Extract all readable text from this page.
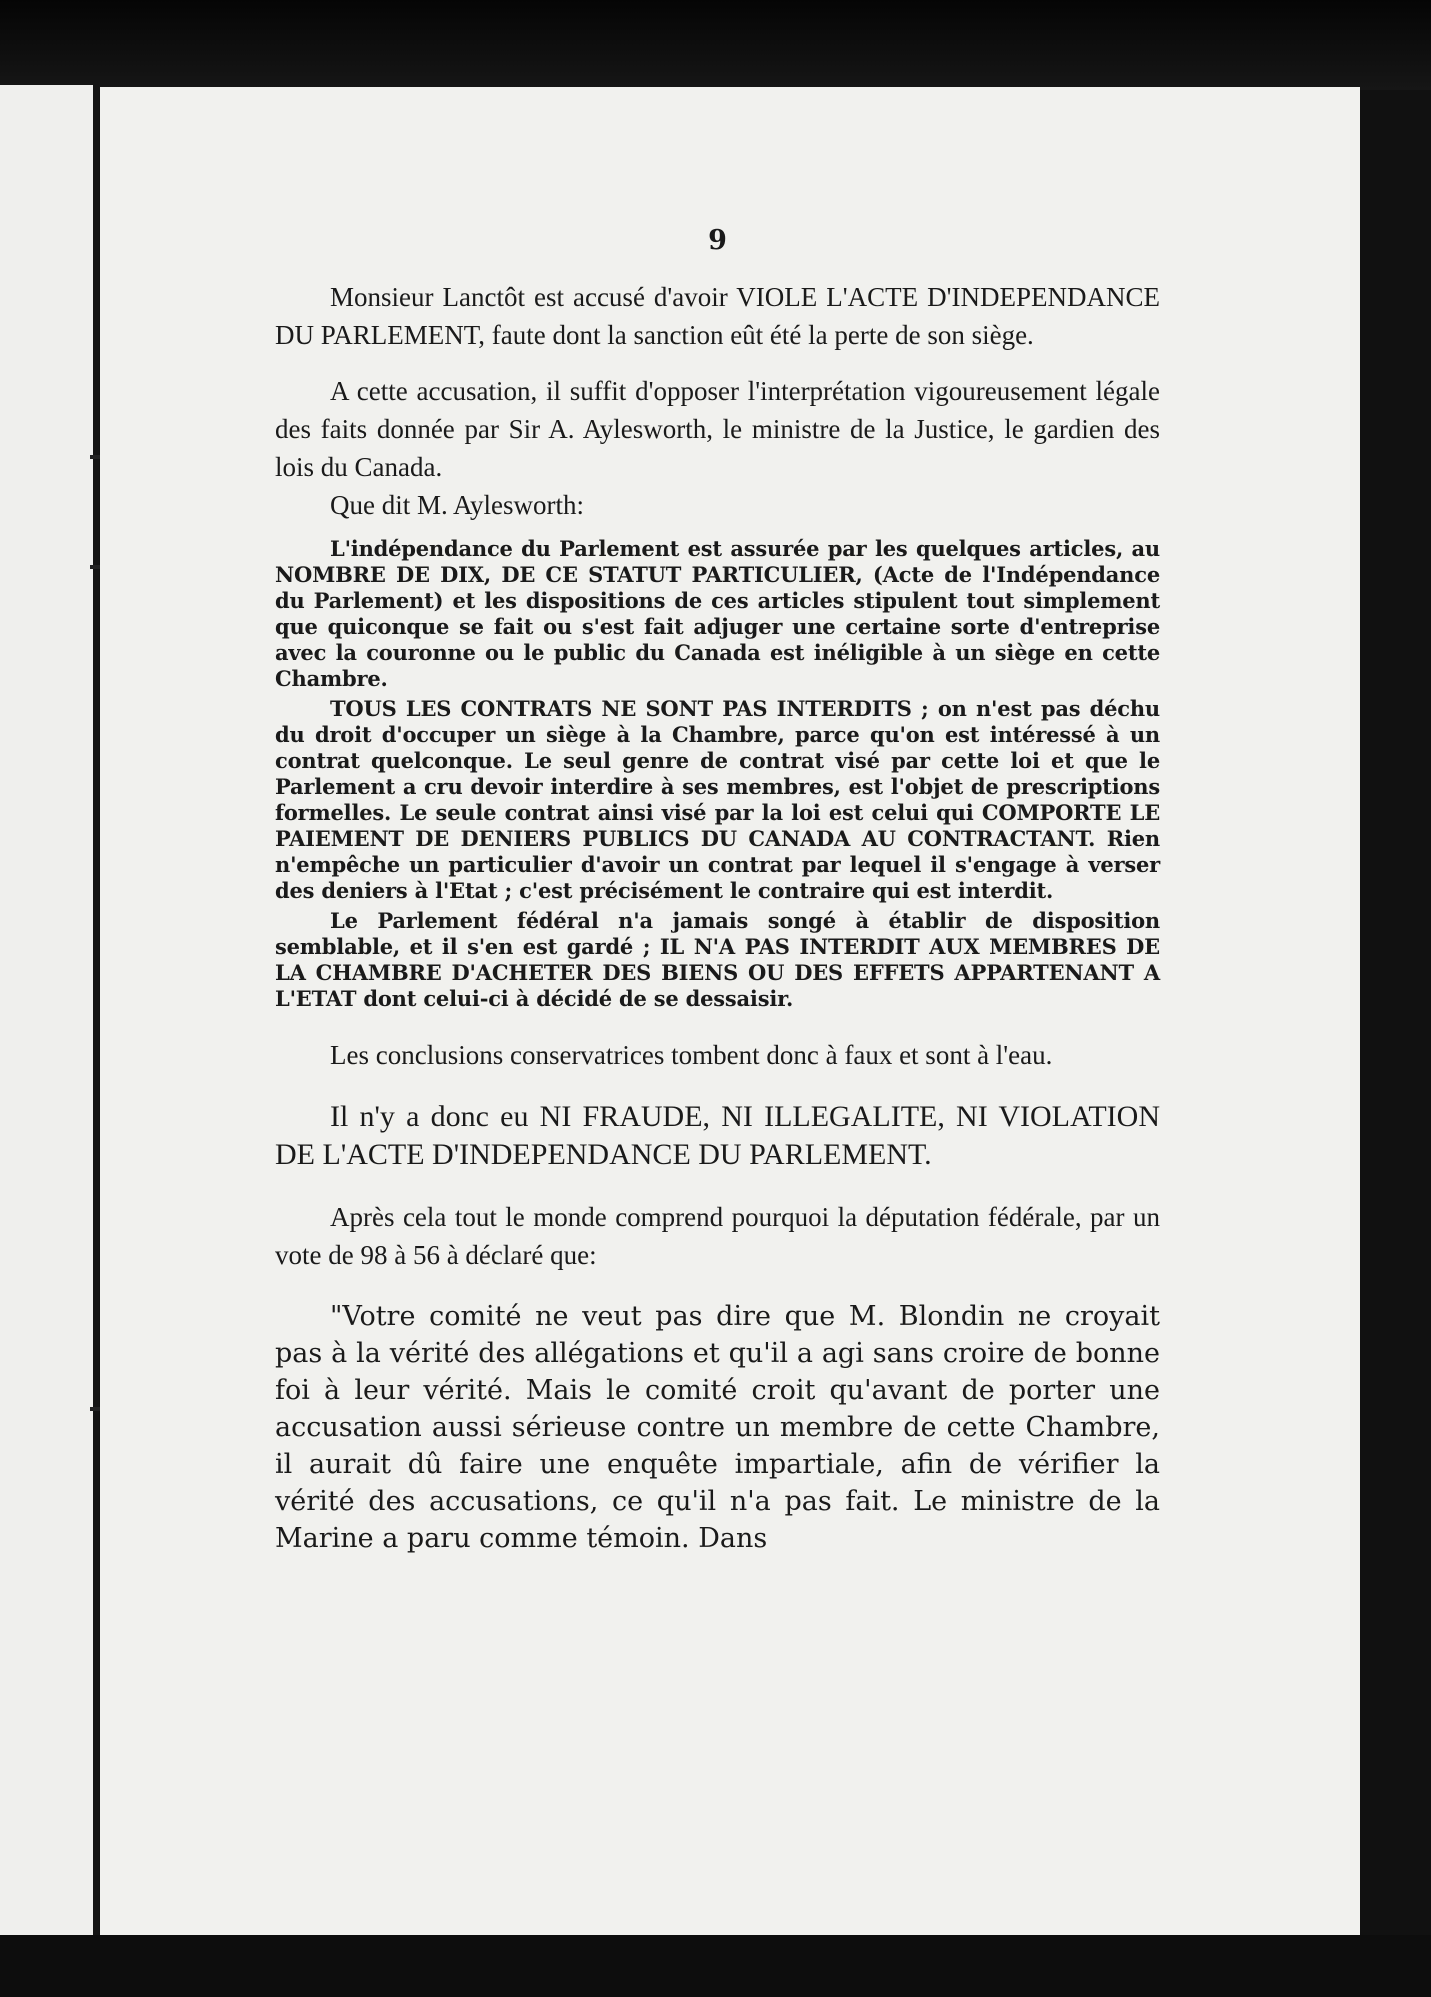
9

Monsieur Lanctôt est accusé d'avoir VIOLE L'ACTE D'INDEPENDANCE DU PARLEMENT, faute dont la sanction eût été la perte de son siège.

A cette accusation, il suffit d'opposer l'interprétation vigoureusement légale des faits donnée par Sir A. Aylesworth, le ministre de la Justice, le gardien des lois du Canada.

Que dit M. Aylesworth:

L'indépendance du Parlement est assurée par les quelques articles, au NOMBRE DE DIX, DE CE STATUT PARTICULIER, (Acte de l'Indépendance du Parlement) et les dispositions de ces articles stipulent tout simplement que quiconque se fait ou s'est fait adjuger une certaine sorte d'entreprise avec la couronne ou le public du Canada est inéligible à un siège en cette Chambre.

TOUS LES CONTRATS NE SONT PAS INTERDITS ; on n'est pas déchu du droit d'occuper un siège à la Chambre, parce qu'on est intéressé à un contrat quelconque. Le seul genre de contrat visé par cette loi et que le Parlement a cru devoir interdire à ses membres, est l'objet de prescriptions formelles. Le seule contrat ainsi visé par la loi est celui qui COMPORTE LE PAIEMENT DE DENIERS PUBLICS DU CANADA AU CONTRACTANT. Rien n'empêche un particulier d'avoir un contrat par lequel il s'engage à verser des deniers à l'Etat ; c'est précisément le contraire qui est interdit.

Le Parlement fédéral n'a jamais songé à établir de disposition semblable, et il s'en est gardé ; IL N'A PAS INTERDIT AUX MEMBRES DE LA CHAMBRE D'ACHETER DES BIENS OU DES EFFETS APPARTENANT A L'ETAT dont celui-ci à décidé de se dessaisir.

Les conclusions conservatrices tombent donc à faux et sont à l'eau.

Il n'y a donc eu NI FRAUDE, NI ILLEGALITE, NI VIOLATION DE L'ACTE D'INDEPENDANCE DU PARLEMENT.

Après cela tout le monde comprend pourquoi la députation fédérale, par un vote de 98 à 56 à déclaré que:

"Votre comité ne veut pas dire que M. Blondin ne croyait pas à la vérité des allégations et qu'il a agi sans croire de bonne foi à leur vérité. Mais le comité croit qu'avant de porter une accusation aussi sérieuse contre un membre de cette Chambre, il aurait dû faire une enquête impartiale, afin de vérifier la vérité des accusations, ce qu'il n'a pas fait. Le ministre de la Marine a paru comme témoin. Dans
